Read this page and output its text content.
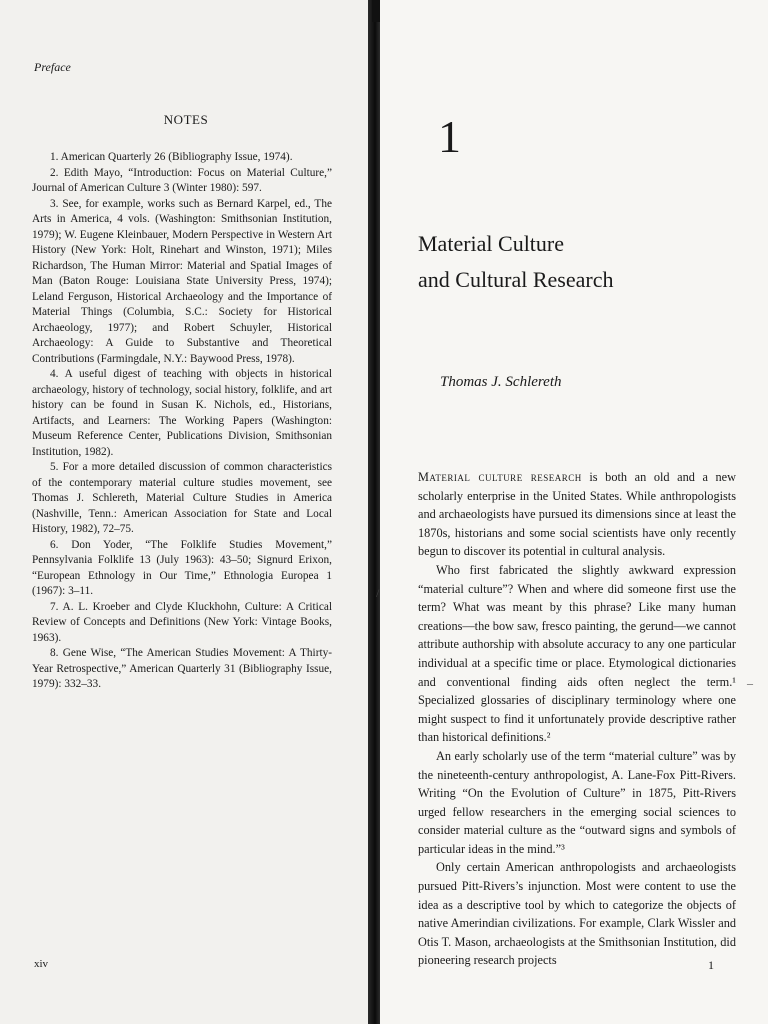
Preface
NOTES

1. American Quarterly 26 (Bibliography Issue, 1974).

2. Edith Mayo, “Introduction: Focus on Material Culture,” Journal of American Culture 3 (Winter 1980): 597.

3. See, for example, works such as Bernard Karpel, ed., The Arts in America, 4 vols. (Washington: Smithsonian Institution, 1979); W. Eugene Kleinbauer, Modern Perspective in Western Art History (New York: Holt, Rinehart and Winston, 1971); Miles Richardson, The Human Mirror: Material and Spatial Images of Man (Baton Rouge: Louisiana State University Press, 1974); Leland Ferguson, Historical Archaeology and the Importance of Material Things (Columbia, S.C.: Society for Historical Archaeology, 1977); and Robert Schuyler, Historical Archaeology: A Guide to Substantive and Theoretical Contributions (Farmingdale, N.Y.: Baywood Press, 1978).

4. A useful digest of teaching with objects in historical archaeology, history of technology, social history, folklife, and art history can be found in Susan K. Nichols, ed., Historians, Artifacts, and Learners: The Working Papers (Washington: Museum Reference Center, Publications Division, Smithsonian Institution, 1982).

5. For a more detailed discussion of common characteristics of the contemporary material culture studies movement, see Thomas J. Schlereth, Material Culture Studies in America (Nashville, Tenn.: American Association for State and Local History, 1982), 72–75.

6. Don Yoder, “The Folklife Studies Movement,” Pennsylvania Folklife 13 (July 1963): 43–50; Signurd Erixon, “European Ethnology in Our Time,” Ethnologia Europea 1 (1967): 3–11.

7. A. L. Kroeber and Clyde Kluckhohn, Culture: A Critical Review of Concepts and Definitions (New York: Vintage Books, 1963).

8. Gene Wise, “The American Studies Movement: A Thirty-Year Retrospective,” American Quarterly 31 (Bibliography Issue, 1979): 332–33.

xiv
1
Material Culture
and Cultural Research
Thomas J. Schlereth

Material culture research is both an old and a new scholarly enterprise in the United States. While anthropologists and archaeologists have pursued its dimensions since at least the 1870s, historians and some social scientists have only recently begun to discover its potential in cultural analysis.

Who first fabricated the slightly awkward expression “material culture”? When and where did someone first use the term? What was meant by this phrase? Like many human creations—the bow saw, fresco painting, the gerund—we cannot attribute authorship with absolute accuracy to any one particular individual at a specific time or place. Etymological dictionaries and conventional finding aids often neglect the term.¹ Specialized glossaries of disciplinary terminology where one might suspect to find it unfortunately provide descriptive rather than historical definitions.²

An early scholarly use of the term “material culture” was by the nineteenth-century anthropologist, A. Lane-Fox Pitt-Rivers. Writing “On the Evolution of Culture” in 1875, Pitt-Rivers urged fellow researchers in the emerging social sciences to consider material culture as the “outward signs and symbols of particular ideas in the mind.”³

Only certain American anthropologists and archaeologists pursued Pitt-Rivers’s injunction. Most were content to use the idea as a descriptive tool by which to categorize the objects of native Amerindian civilizations. For example, Clark Wissler and Otis T. Mason, archaeologists at the Smithsonian Institution, did pioneering research projects	1
/
–
